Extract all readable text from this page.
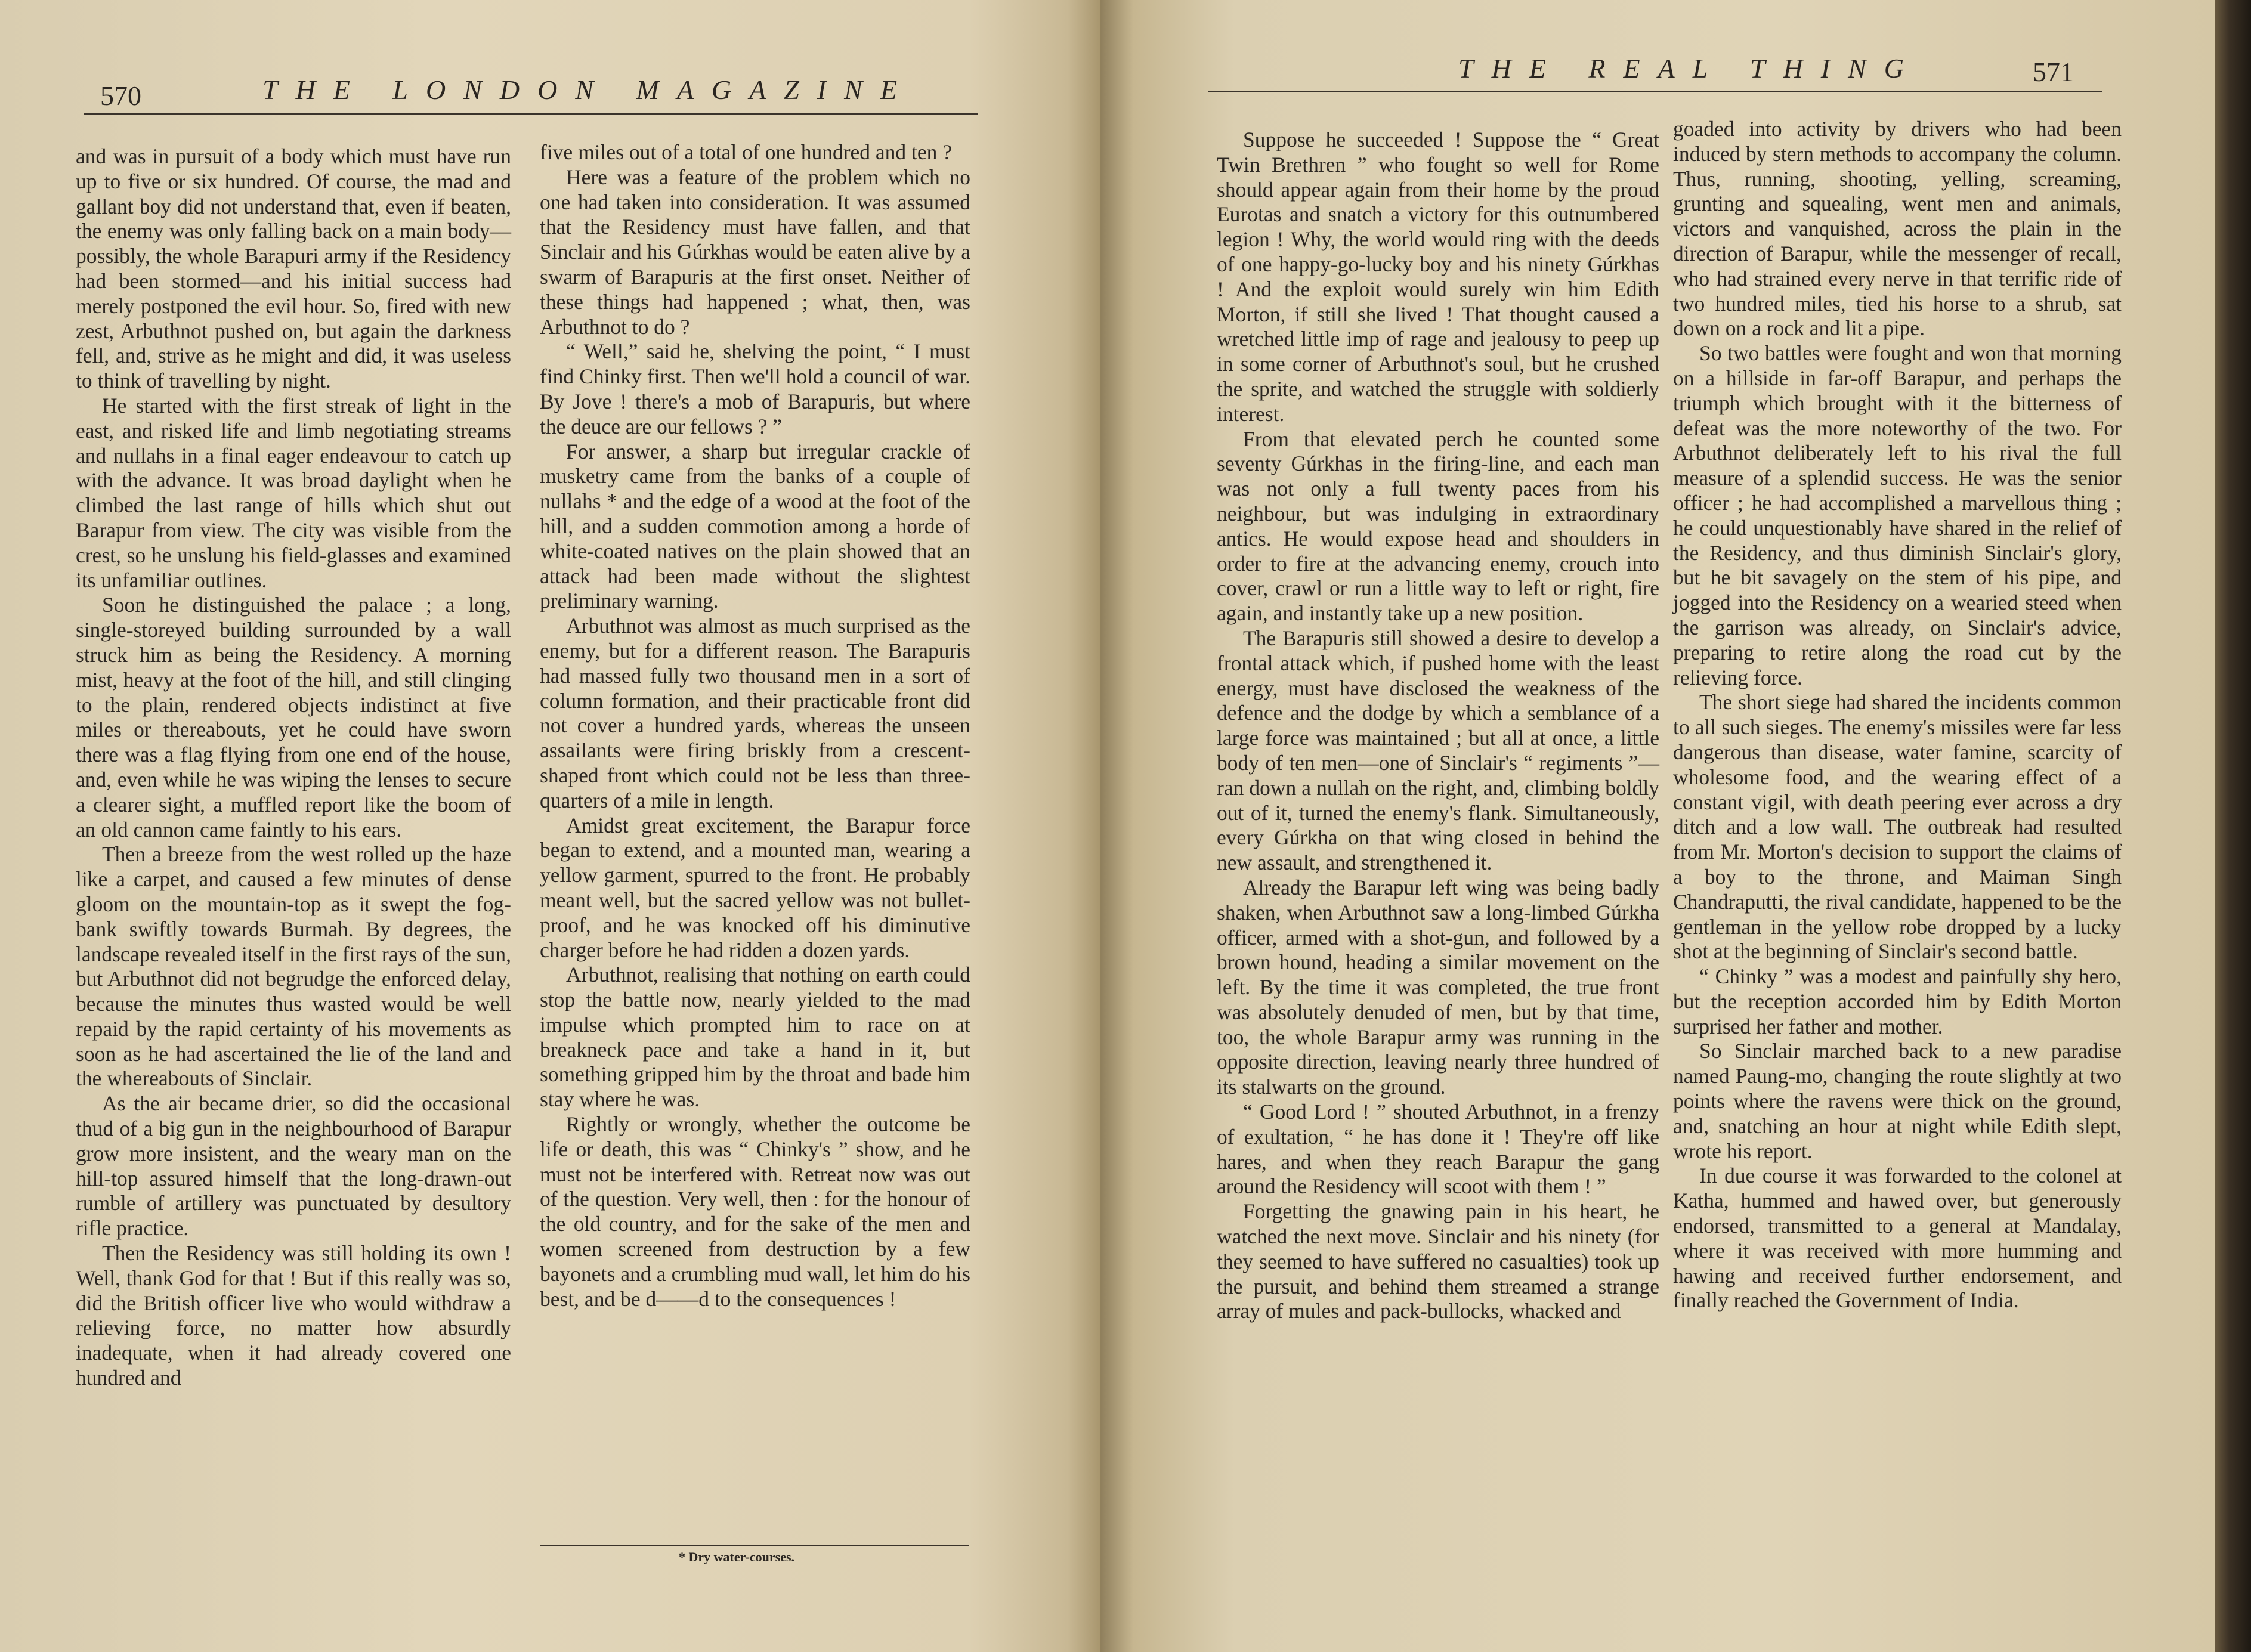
570	THE LONDON MAGAZINE

and was in pursuit of a body which must have run up to five or six hundred. Of course, the mad and gallant boy did not understand that, even if beaten, the enemy was only falling back on a main body—possibly, the whole Barapuri army if the Residency had been stormed—and his initial success had merely postponed the evil hour. So, fired with new zest, Arbuthnot pushed on, but again the darkness fell, and, strive as he might and did, it was useless to think of travelling by night.

He started with the first streak of light in the east, and risked life and limb negotiating streams and nullahs in a final eager endeavour to catch up with the advance. It was broad daylight when he climbed the last range of hills which shut out Barapur from view. The city was visible from the crest, so he unslung his field-glasses and examined its unfamiliar outlines.

Soon he distinguished the palace ; a long, single-storeyed building surrounded by a wall struck him as being the Residency. A morning mist, heavy at the foot of the hill, and still clinging to the plain, rendered objects indistinct at five miles or thereabouts, yet he could have sworn there was a flag flying from one end of the house, and, even while he was wiping the lenses to secure a clearer sight, a muffled report like the boom of an old cannon came faintly to his ears.

Then a breeze from the west rolled up the haze like a carpet, and caused a few minutes of dense gloom on the mountain-top as it swept the fog-bank swiftly towards Burmah. By degrees, the landscape revealed itself in the first rays of the sun, but Arbuthnot did not begrudge the enforced delay, because the minutes thus wasted would be well repaid by the rapid certainty of his movements as soon as he had ascertained the lie of the land and the whereabouts of Sinclair.

As the air became drier, so did the occasional thud of a big gun in the neighbourhood of Barapur grow more insistent, and the weary man on the hill-top assured himself that the long-drawn-out rumble of artillery was punctuated by desultory rifle practice.

Then the Residency was still holding its own ! Well, thank God for that ! But if this really was so, did the British officer live who would withdraw a relieving force, no matter how absurdly inadequate, when it had already covered one hundred and

five miles out of a total of one hundred and ten ?

Here was a feature of the problem which no one had taken into consideration. It was assumed that the Residency must have fallen, and that Sinclair and his Gúrkhas would be eaten alive by a swarm of Barapuris at the first onset. Neither of these things had happened ; what, then, was Arbuthnot to do ?

“ Well,” said he, shelving the point, “ I must find Chinky first. Then we'll hold a council of war. By Jove ! there's a mob of Barapuris, but where the deuce are our fellows ? ”

For answer, a sharp but irregular crackle of musketry came from the banks of a couple of nullahs * and the edge of a wood at the foot of the hill, and a sudden commotion among a horde of white-coated natives on the plain showed that an attack had been made without the slightest preliminary warning.

Arbuthnot was almost as much surprised as the enemy, but for a different reason. The Barapuris had massed fully two thousand men in a sort of column formation, and their practicable front did not cover a hundred yards, whereas the unseen assailants were firing briskly from a crescent-shaped front which could not be less than three-quarters of a mile in length.

Amidst great excitement, the Barapur force began to extend, and a mounted man, wearing a yellow garment, spurred to the front. He probably meant well, but the sacred yellow was not bullet-proof, and he was knocked off his diminutive charger before he had ridden a dozen yards.

Arbuthnot, realising that nothing on earth could stop the battle now, nearly yielded to the mad impulse which prompted him to race on at breakneck pace and take a hand in it, but something gripped him by the throat and bade him stay where he was.

Rightly or wrongly, whether the outcome be life or death, this was “ Chinky's ” show, and he must not be interfered with. Retreat now was out of the question. Very well, then : for the honour of the old country, and for the sake of the men and women screened from destruction by a few bayonets and a crumbling mud wall, let him do his best, and be d——d to the consequences !

* Dry water-courses.
THE REAL THING	571

Suppose he succeeded ! Suppose the “ Great Twin Brethren ” who fought so well for Rome should appear again from their home by the proud Eurotas and snatch a victory for this outnumbered legion ! Why, the world would ring with the deeds of one happy-go-lucky boy and his ninety Gúrkhas ! And the exploit would surely win him Edith Morton, if still she lived ! That thought caused a wretched little imp of rage and jealousy to peep up in some corner of Arbuthnot's soul, but he crushed the sprite, and watched the struggle with soldierly interest.

From that elevated perch he counted some seventy Gúrkhas in the firing-line, and each man was not only a full twenty paces from his neighbour, but was indulging in extraordinary antics. He would expose head and shoulders in order to fire at the advancing enemy, crouch into cover, crawl or run a little way to left or right, fire again, and instantly take up a new position.

The Barapuris still showed a desire to develop a frontal attack which, if pushed home with the least energy, must have disclosed the weakness of the defence and the dodge by which a semblance of a large force was maintained ; but all at once, a little body of ten men—one of Sinclair's “ regiments ”—ran down a nullah on the right, and, climbing boldly out of it, turned the enemy's flank. Simultaneously, every Gúrkha on that wing closed in behind the new assault, and strengthened it.

Already the Barapur left wing was being badly shaken, when Arbuthnot saw a long-limbed Gúrkha officer, armed with a shot-gun, and followed by a brown hound, heading a similar movement on the left. By the time it was completed, the true front was absolutely denuded of men, but by that time, too, the whole Barapur army was running in the opposite direction, leaving nearly three hundred of its stalwarts on the ground.

“ Good Lord ! ” shouted Arbuthnot, in a frenzy of exultation, “ he has done it ! They're off like hares, and when they reach Barapur the gang around the Residency will scoot with them ! ”

Forgetting the gnawing pain in his heart, he watched the next move. Sinclair and his ninety (for they seemed to have suffered no casualties) took up the pursuit, and behind them streamed a strange array of mules and pack-bullocks, whacked and

goaded into activity by drivers who had been induced by stern methods to accompany the column. Thus, running, shooting, yelling, screaming, grunting and squealing, went men and animals, victors and vanquished, across the plain in the direction of Barapur, while the messenger of recall, who had strained every nerve in that terrific ride of two hundred miles, tied his horse to a shrub, sat down on a rock and lit a pipe.

So two battles were fought and won that morning on a hillside in far-off Barapur, and perhaps the triumph which brought with it the bitterness of defeat was the more noteworthy of the two. For Arbuthnot deliberately left to his rival the full measure of a splendid success. He was the senior officer ; he had accomplished a marvellous thing ; he could unquestionably have shared in the relief of the Residency, and thus diminish Sinclair's glory, but he bit savagely on the stem of his pipe, and jogged into the Residency on a wearied steed when the garrison was already, on Sinclair's advice, preparing to retire along the road cut by the relieving force.

The short siege had shared the incidents common to all such sieges. The enemy's missiles were far less dangerous than disease, water famine, scarcity of wholesome food, and the wearing effect of a constant vigil, with death peering ever across a dry ditch and a low wall. The outbreak had resulted from Mr. Morton's decision to support the claims of a boy to the throne, and Maiman Singh Chandraputti, the rival candidate, happened to be the gentleman in the yellow robe dropped by a lucky shot at the beginning of Sinclair's second battle.

“ Chinky ” was a modest and painfully shy hero, but the reception accorded him by Edith Morton surprised her father and mother.

So Sinclair marched back to a new paradise named Paung-mo, changing the route slightly at two points where the ravens were thick on the ground, and, snatching an hour at night while Edith slept, wrote his report.

In due course it was forwarded to the colonel at Katha, hummed and hawed over, but generously endorsed, transmitted to a general at Mandalay, where it was received with more humming and hawing and received further endorsement, and finally reached the Government of India.
